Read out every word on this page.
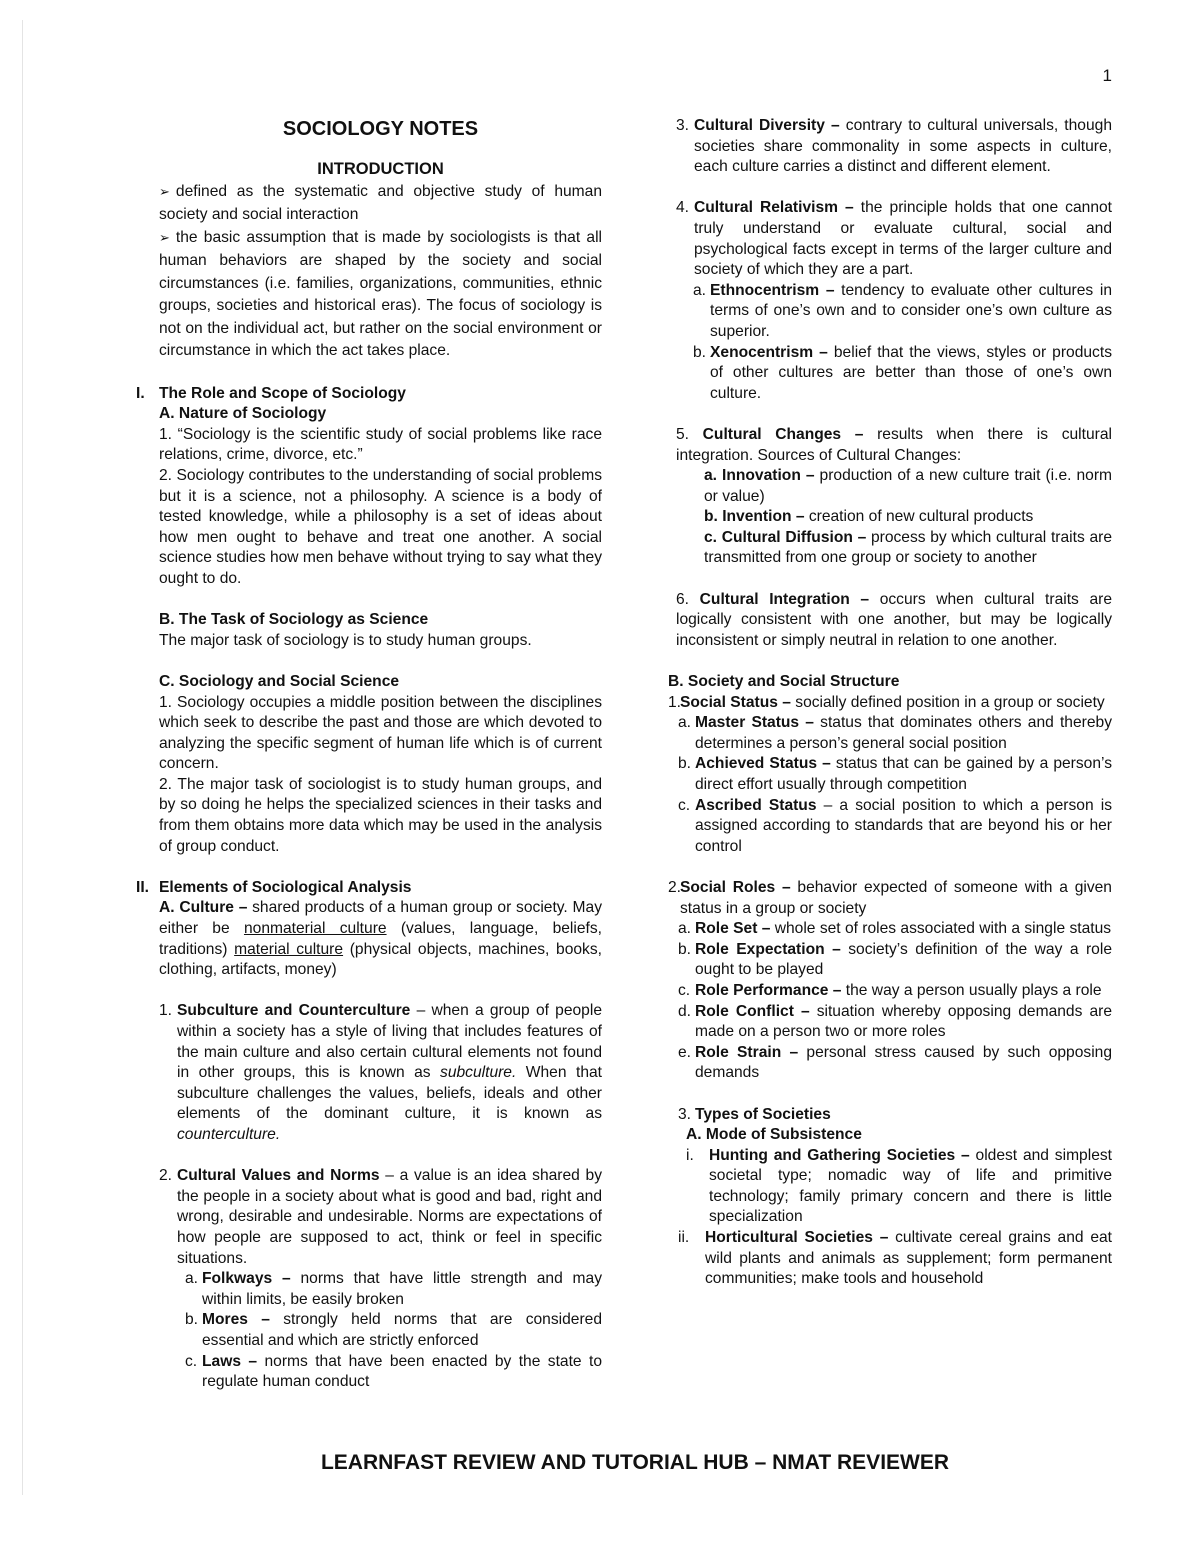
1
SOCIOLOGY NOTES
INTRODUCTION

➢ defined as the systematic and objective study of human society and social interaction

➢ the basic assumption that is made by sociologists is that all human behaviors are shaped by the society and social circumstances (i.e. families, organizations, communities, ethnic groups, societies and historical eras). The focus of sociology is not on the individual act, but rather on the social environment or circumstance in which the act takes place.

I. The Role and Scope of Sociology
A. Nature of Sociology

1. “Sociology is the scientific study of social problems like race relations, crime, divorce, etc.”

2. Sociology contributes to the understanding of social problems but it is a science, not a philosophy. A science is a body of tested knowledge, while a philosophy is a set of ideas about how men ought to behave and treat one another. A social science studies how men behave without trying to say what they ought to do.

B. The Task of Sociology as Science

The major task of sociology is to study human groups.

C. Sociology and Social Science

1. Sociology occupies a middle position between the disciplines which seek to describe the past and those are which devoted to analyzing the specific segment of human life which is of current concern.

2. The major task of sociologist is to study human groups, and by so doing he helps the specialized sciences in their tasks and from them obtains more data which may be used in the analysis of group conduct.

II. Elements of Sociological Analysis

A. Culture – shared products of a human group or society. May either be nonmaterial culture (values, language, beliefs, traditions) material culture (physical objects, machines, books, clothing, artifacts, money)

1. Subculture and Counterculture – when a group of people within a society has a style of living that includes features of the main culture and also certain cultural elements not found in other groups, this is known as subculture. When that subculture challenges the values, beliefs, ideals and other elements of the dominant culture, it is known as counterculture.
2. Cultural Values and Norms – a value is an idea shared by the people in a society about what is good and bad, right and wrong, desirable and undesirable. Norms are expectations of how people are supposed to act, think or feel in specific situations.
a. Folkways – norms that have little strength and may within limits, be easily broken
b. Mores – strongly held norms that are considered essential and which are strictly enforced
c. Laws – norms that have been enacted by the state to regulate human conduct
3. Cultural Diversity – contrary to cultural universals, though societies share commonality in some aspects in culture, each culture carries a distinct and different element.
4. Cultural Relativism – the principle holds that one cannot truly understand or evaluate cultural, social and psychological facts except in terms of the larger culture and society of which they are a part.
a. Ethnocentrism – tendency to evaluate other cultures in terms of one’s own and to consider one’s own culture as superior.
b. Xenocentrism – belief that the views, styles or products of other cultures are better than those of one’s own culture.

5. Cultural Changes – results when there is cultural integration. Sources of Cultural Changes:

a. Innovation – production of a new culture trait (i.e. norm or value)

b. Invention – creation of new cultural products

c. Cultural Diffusion – process by which cultural traits are transmitted from one group or society to another

6. Cultural Integration – occurs when cultural traits are logically consistent with one another, but may be logically inconsistent or simply neutral in relation to one another.

B. Society and Social Structure
1.
Social Status – socially defined position in a group or society
a. Master Status – status that dominates others and thereby determines a person’s general social position
b. Achieved Status – status that can be gained by a person’s direct effort usually through competition
c. Ascribed Status – a social position to which a person is assigned according to standards that are beyond his or her control
2.
Social Roles – behavior expected of someone with a given status in a group or society
a. Role Set – whole set of roles associated with a single status
b. Role Expectation – society’s definition of the way a role ought to be played
c. Role Performance – the way a person usually plays a role
d. Role Conflict – situation whereby opposing demands are made on a person two or more roles
e. Role Strain – personal stress caused by such opposing demands
3. Types of Societies
A. Mode of Subsistence
i. Hunting and Gathering Societies – oldest and simplest societal type; nomadic way of life and primitive technology; family primary concern and there is little specialization
ii.	Horticultural Societies – cultivate cereal grains and eat wild plants and animals as supplement; form permanent communities; make tools and household
LEARNFAST REVIEW AND TUTORIAL HUB – NMAT REVIEWER
